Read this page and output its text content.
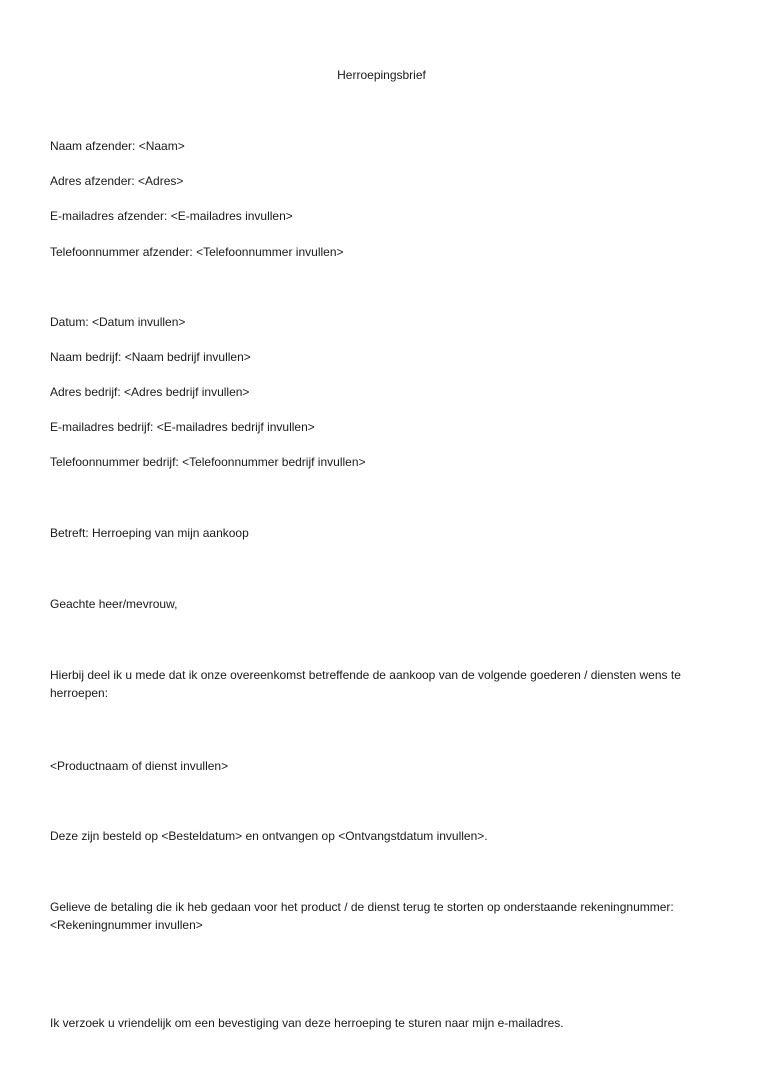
Herroepingsbrief
Naam afzender: <Naam>
Adres afzender: <Adres>
E-mailadres afzender: <E-mailadres invullen>
Telefoonnummer afzender: <Telefoonnummer invullen>
Datum: <Datum invullen>
Naam bedrijf: <Naam bedrijf invullen>
Adres bedrijf: <Adres bedrijf invullen>
E-mailadres bedrijf: <E-mailadres bedrijf invullen>
Telefoonnummer bedrijf: <Telefoonnummer bedrijf invullen>
Betreft: Herroeping van mijn aankoop
Geachte heer/mevrouw,
Hierbij deel ik u mede dat ik onze overeenkomst betreffende de aankoop van de volgende goederen / diensten wens te herroepen:
<Productnaam of dienst invullen>
Deze zijn besteld op <Besteldatum> en ontvangen op <Ontvangstdatum invullen>.
Gelieve de betaling die ik heb gedaan voor het product / de dienst terug te storten op onderstaande rekeningnummer: <Rekeningnummer invullen>
Ik verzoek u vriendelijk om een bevestiging van deze herroeping te sturen naar mijn e-mailadres.
